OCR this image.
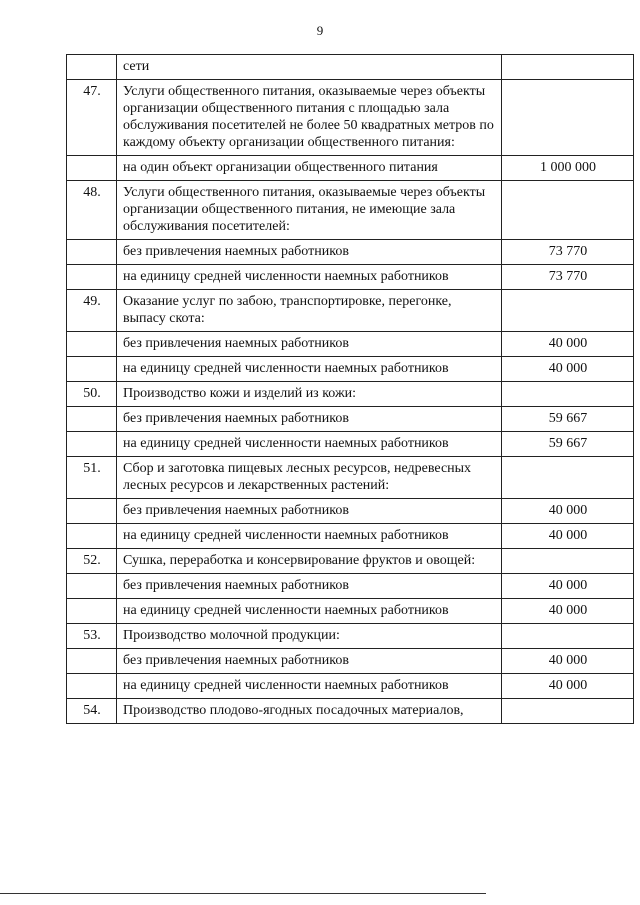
9
	сети	
47.	Услуги общественного питания, оказываемые через объекты организации общественного питания с площадью зала обслуживания посетителей не более 50 квадратных метров по каждому объекту организации общественного питания:	
	на один объект организации общественного питания	1 000 000
48.	Услуги общественного питания, оказываемые через объекты организации общественного питания, не имеющие зала обслуживания посетителей:	
	без привлечения наемных работников	73 770
	на единицу средней численности наемных работников	73 770
49.	Оказание услуг по забою, транспортировке, перегонке, выпасу скота:	
	без привлечения наемных работников	40 000
	на единицу средней численности наемных работников	40 000
50.	Производство кожи и изделий из кожи:	
	без привлечения наемных работников	59 667
	на единицу средней численности наемных работников	59 667
51.	Сбор и заготовка пищевых лесных ресурсов, недревесных лесных ресурсов и лекарственных растений:	
	без привлечения наемных работников	40 000
	на единицу средней численности наемных работников	40 000
52.	Сушка, переработка и консервирование фруктов и овощей:	
	без привлечения наемных работников	40 000
	на единицу средней численности наемных работников	40 000
53.	Производство молочной продукции:	
	без привлечения наемных работников	40 000
	на единицу средней численности наемных работников	40 000
54.	Производство плодово-ягодных посадочных материалов,	
